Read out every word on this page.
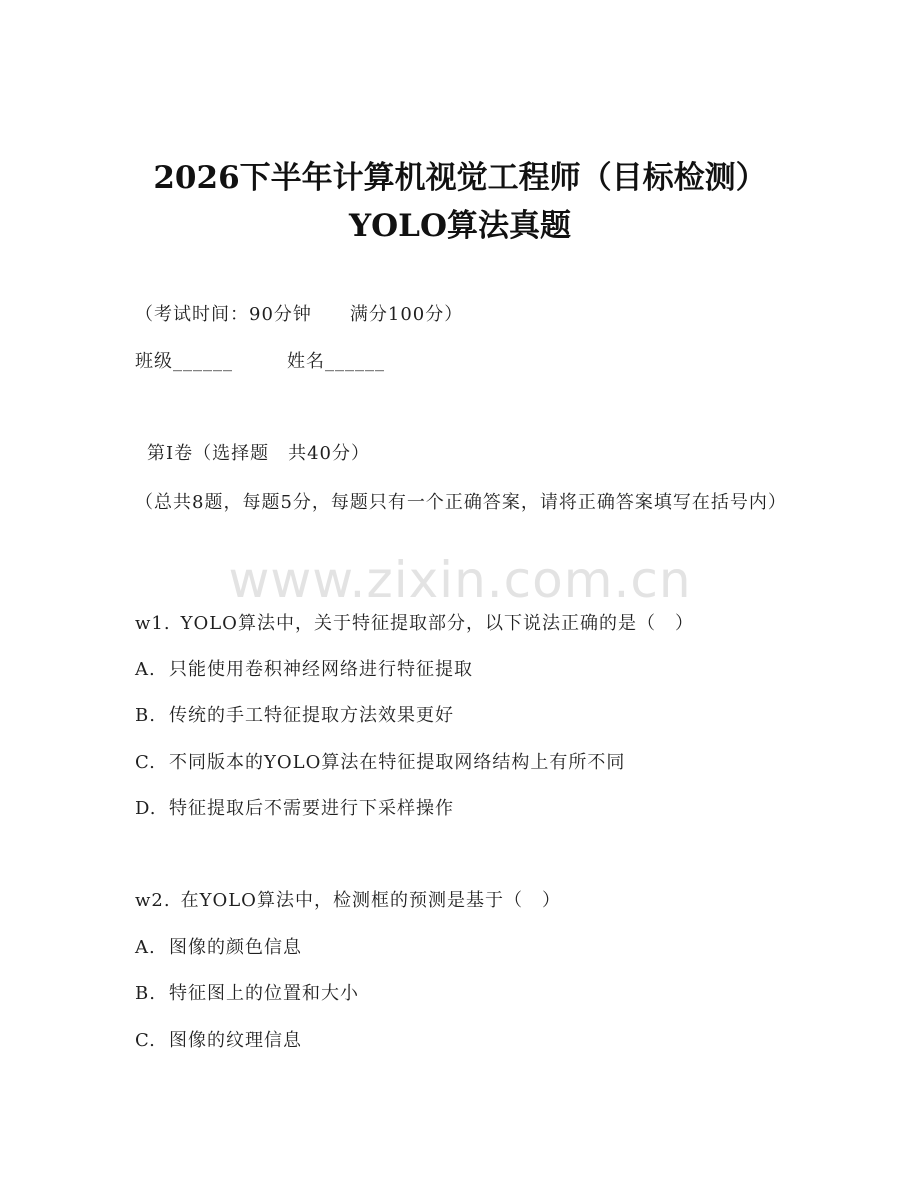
2026下半年计算机视觉工程师（目标检测）
YOLO算法真题
（考试时间：90分钟　　满分100分）
班级______	姓名______
第Ⅰ卷（选择题　共40分）
（总共8题，每题5分，每题只有一个正确答案，请将正确答案填写在括号内）
www.zixin.com.cn
w1. YOLO算法中，关于特征提取部分，以下说法正确的是（　）
A. 只能使用卷积神经网络进行特征提取
B. 传统的手工特征提取方法效果更好
C. 不同版本的YOLO算法在特征提取网络结构上有所不同
D. 特征提取后不需要进行下采样操作
w2. 在YOLO算法中，检测框的预测是基于（　）
A. 图像的颜色信息
B. 特征图上的位置和大小
C. 图像的纹理信息
